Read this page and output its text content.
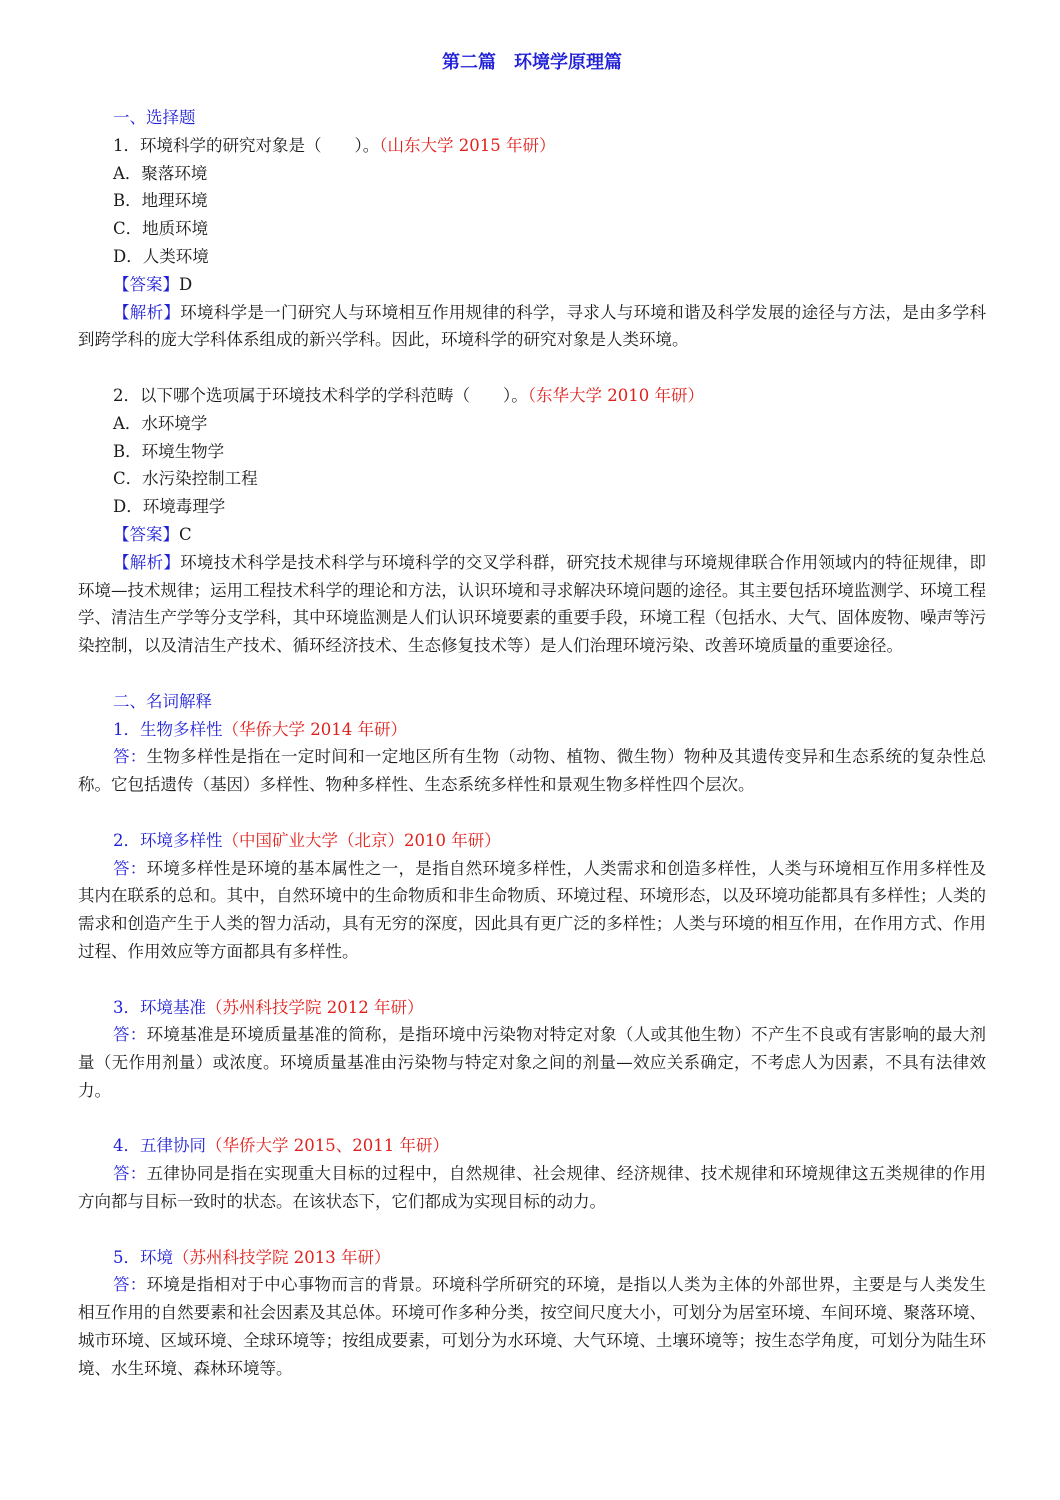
第二篇　环境学原理篇
一、选择题
1．环境科学的研究对象是（　　）。（山东大学 2015 年研）
A．聚落环境
B．地理环境
C．地质环境
D．人类环境
【答案】D
【解析】环境科学是一门研究人与环境相互作用规律的科学，寻求人与环境和谐及科学发展的途径与方法，是由多学科到跨学科的庞大学科体系组成的新兴学科。因此，环境科学的研究对象是人类环境。
2．以下哪个选项属于环境技术科学的学科范畴（　　）。（东华大学 2010 年研）
A．水环境学
B．环境生物学
C．水污染控制工程
D．环境毒理学
【答案】C
【解析】环境技术科学是技术科学与环境科学的交叉学科群，研究技术规律与环境规律联合作用领域内的特征规律，即环境—技术规律；运用工程技术科学的理论和方法，认识环境和寻求解决环境问题的途径。其主要包括环境监测学、环境工程学、清洁生产学等分支学科，其中环境监测是人们认识环境要素的重要手段，环境工程（包括水、大气、固体废物、噪声等污染控制，以及清洁生产技术、循环经济技术、生态修复技术等）是人们治理环境污染、改善环境质量的重要途径。
二、名词解释
1．生物多样性（华侨大学 2014 年研）
答：生物多样性是指在一定时间和一定地区所有生物（动物、植物、微生物）物种及其遗传变异和生态系统的复杂性总称。它包括遗传（基因）多样性、物种多样性、生态系统多样性和景观生物多样性四个层次。
2．环境多样性（中国矿业大学（北京）2010 年研）
答：环境多样性是环境的基本属性之一，是指自然环境多样性，人类需求和创造多样性，人类与环境相互作用多样性及其内在联系的总和。其中，自然环境中的生命物质和非生命物质、环境过程、环境形态，以及环境功能都具有多样性；人类的需求和创造产生于人类的智力活动，具有无穷的深度，因此具有更广泛的多样性；人类与环境的相互作用，在作用方式、作用过程、作用效应等方面都具有多样性。
3．环境基准（苏州科技学院 2012 年研）
答：环境基准是环境质量基准的简称，是指环境中污染物对特定对象（人或其他生物）不产生不良或有害影响的最大剂量（无作用剂量）或浓度。环境质量基准由污染物与特定对象之间的剂量—效应关系确定，不考虑人为因素，不具有法律效力。
4．五律协同（华侨大学 2015、2011 年研）
答：五律协同是指在实现重大目标的过程中，自然规律、社会规律、经济规律、技术规律和环境规律这五类规律的作用方向都与目标一致时的状态。在该状态下，它们都成为实现目标的动力。
5．环境（苏州科技学院 2013 年研）
答：环境是指相对于中心事物而言的背景。环境科学所研究的环境，是指以人类为主体的外部世界，主要是与人类发生相互作用的自然要素和社会因素及其总体。环境可作多种分类，按空间尺度大小，可划分为居室环境、车间环境、聚落环境、城市环境、区域环境、全球环境等；按组成要素，可划分为水环境、大气环境、土壤环境等；按生态学角度，可划分为陆生环境、水生环境、森林环境等。
